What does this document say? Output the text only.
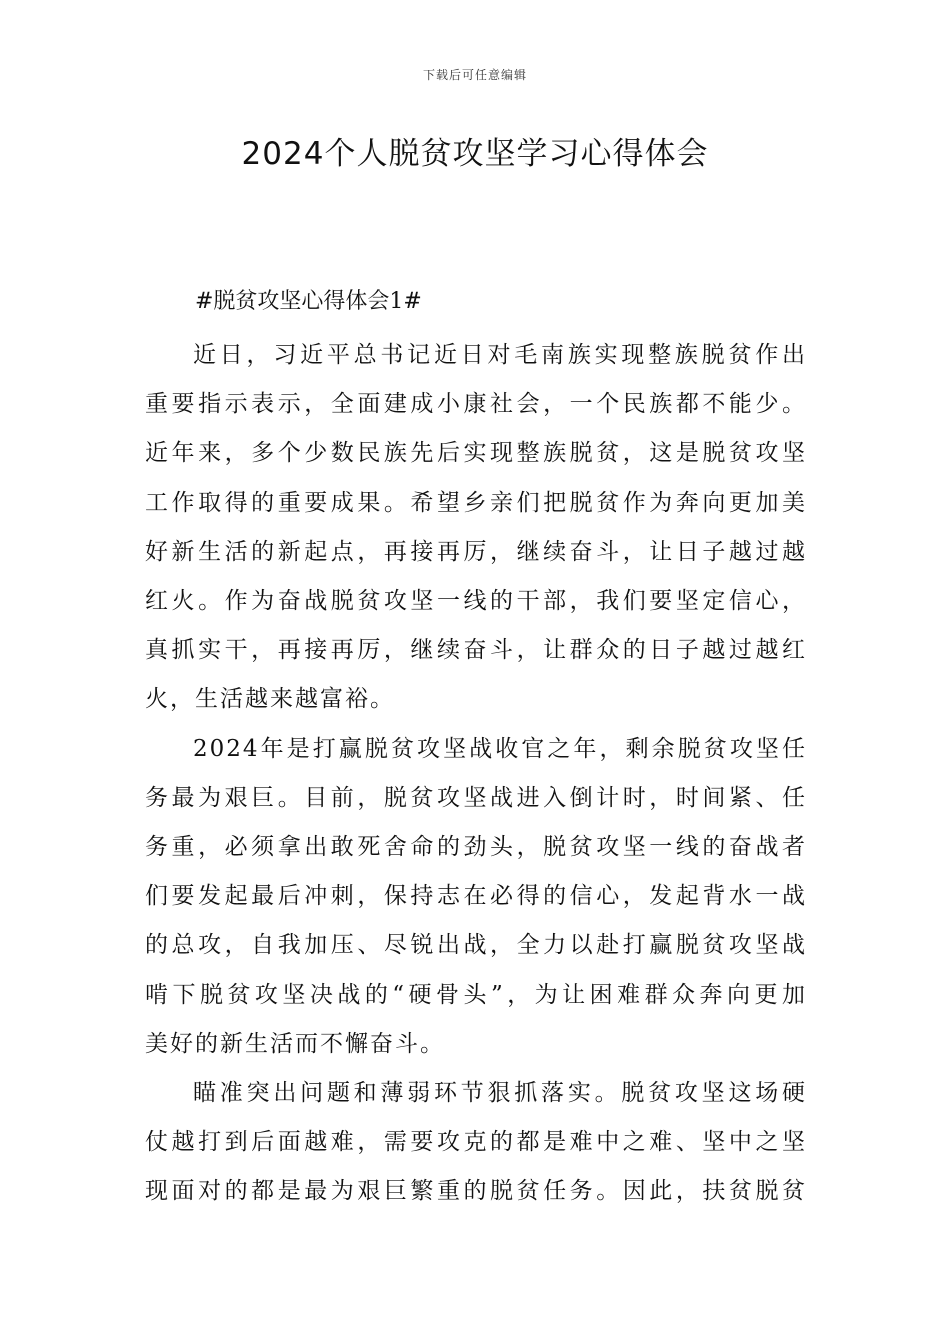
下载后可任意编辑
2024个人脱贫攻坚学习心得体会
#脱贫攻坚心得体会1#
近日，习近平总书记近日对毛南族实现整族脱贫作出
重要指示表示，全面建成小康社会，一个民族都不能少。
近年来，多个少数民族先后实现整族脱贫，这是脱贫攻坚
工作取得的重要成果。希望乡亲们把脱贫作为奔向更加美
好新生活的新起点，再接再厉，继续奋斗，让日子越过越
红火。作为奋战脱贫攻坚一线的干部，我们要坚定信心，
真抓实干，再接再厉，继续奋斗，让群众的日子越过越红
火，生活越来越富裕。
2024年是打赢脱贫攻坚战收官之年，剩余脱贫攻坚任
务最为艰巨。目前，脱贫攻坚战进入倒计时，时间紧、任
务重，必须拿出敢死舍命的劲头，脱贫攻坚一线的奋战者
们要发起最后冲刺，保持志在必得的信心，发起背水一战
的总攻，自我加压、尽锐出战，全力以赴打赢脱贫攻坚战
啃下脱贫攻坚决战的“硬骨头”，为让困难群众奔向更加
美好的新生活而不懈奋斗。
瞄准突出问题和薄弱环节狠抓落实。脱贫攻坚这场硬
仗越打到后面越难，需要攻克的都是难中之难、坚中之坚
现面对的都是最为艰巨繁重的脱贫任务。因此，扶贫脱贫
